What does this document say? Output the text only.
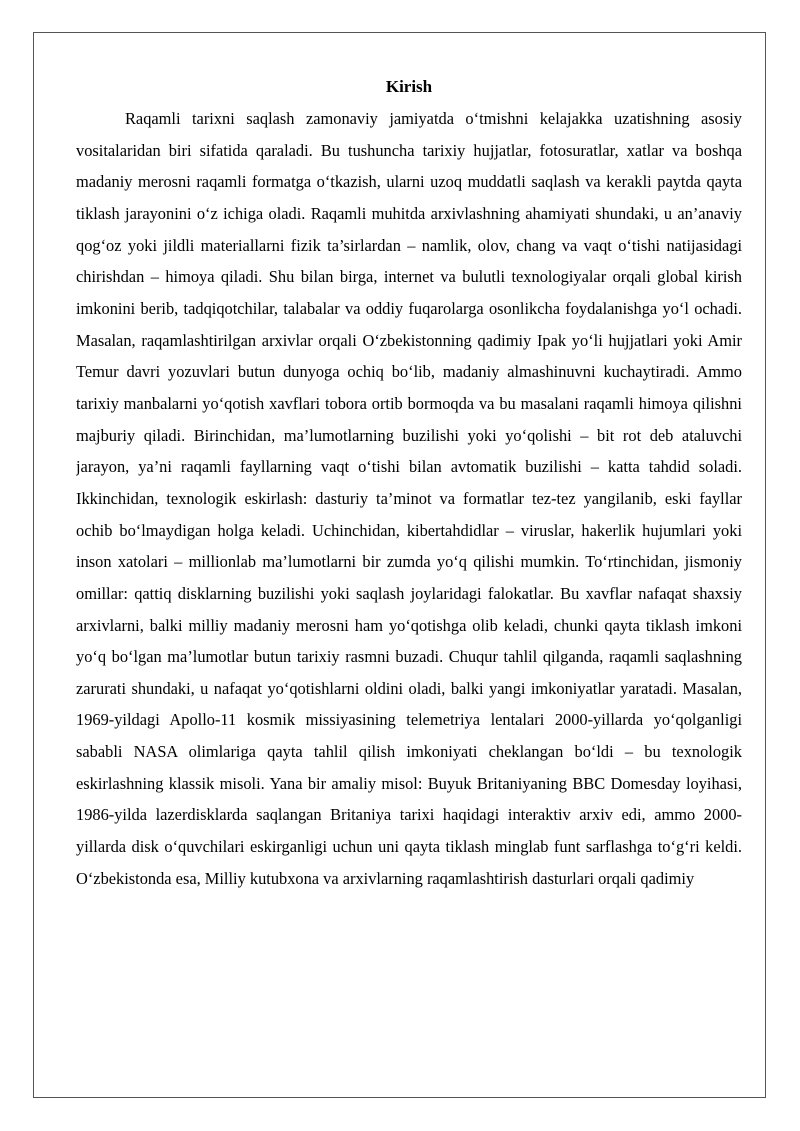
Kirish

Raqamli tarixni saqlash zamonaviy jamiyatda o‘tmishni kelajakka uzatishning asosiy vositalaridan biri sifatida qaraladi. Bu tushuncha tarixiy hujjatlar, fotosuratlar, xatlar va boshqa madaniy merosni raqamli formatga o‘tkazish, ularni uzoq muddatli saqlash va kerakli paytda qayta tiklash jarayonini o‘z ichiga oladi. Raqamli muhitda arxivlashning ahamiyati shundaki, u an’anaviy qog‘oz yoki jildli materiallarni fizik ta’sirlardan – namlik, olov, chang va vaqt o‘tishi natijasidagi chirishdan – himoya qiladi. Shu bilan birga, internet va bulutli texnologiyalar orqali global kirish imkonini berib, tadqiqotchilar, talabalar va oddiy fuqarolarga osonlikcha foydalanishga yo‘l ochadi. Masalan, raqamlashtirilgan arxivlar orqali O‘zbekistonning qadimiy Ipak yo‘li hujjatlari yoki Amir Temur davri yozuvlari butun dunyoga ochiq bo‘lib, madaniy almashinuvni kuchaytiradi. Ammo tarixiy manbalarni yo‘qotish xavflari tobora ortib bormoqda va bu masalani raqamli himoya qilishni majburiy qiladi. Birinchidan, ma’lumotlarning buzilishi yoki yo‘qolishi – bit rot deb ataluvchi jarayon, ya’ni raqamli fayllarning vaqt o‘tishi bilan avtomatik buzilishi – katta tahdid soladi. Ikkinchidan, texnologik eskirlash: dasturiy ta’minot va formatlar tez-tez yangilanib, eski fayllar ochib bo‘lmaydigan holga keladi. Uchinchidan, kibertahdidlar – viruslar, hakerlik hujumlari yoki inson xatolari – millionlab ma’lumotlarni bir zumda yo‘q qilishi mumkin. To‘rtinchidan, jismoniy omillar: qattiq disklarning buzilishi yoki saqlash joylaridagi falokatlar. Bu xavflar nafaqat shaxsiy arxivlarni, balki milliy madaniy merosni ham yo‘qotishga olib keladi, chunki qayta tiklash imkoni yo‘q bo‘lgan ma’lumotlar butun tarixiy rasmni buzadi. Chuqur tahlil qilganda, raqamli saqlashning zarurati shundaki, u nafaqat yo‘qotishlarni oldini oladi, balki yangi imkoniyatlar yaratadi. Masalan, 1969-yildagi Apollo-11 kosmik missiyasining telemetriya lentalari 2000-yillarda yo‘qolganligi sababli NASA olimlariga qayta tahlil qilish imkoniyati cheklangan bo‘ldi – bu texnologik eskirlashning klassik misoli. Yana bir amaliy misol: Buyuk Britaniyaning BBC Domesday loyihasi, 1986-yilda lazerdisklarda saqlangan Britaniya tarixi haqidagi interaktiv arxiv edi, ammo 2000-yillarda disk o‘quvchilari eskirganligi uchun uni qayta tiklash minglab funt sarflashga to‘g‘ri keldi. O‘zbekistonda esa, Milliy kutubxona va arxivlarning raqamlashtirish dasturlari orqali qadimiy
